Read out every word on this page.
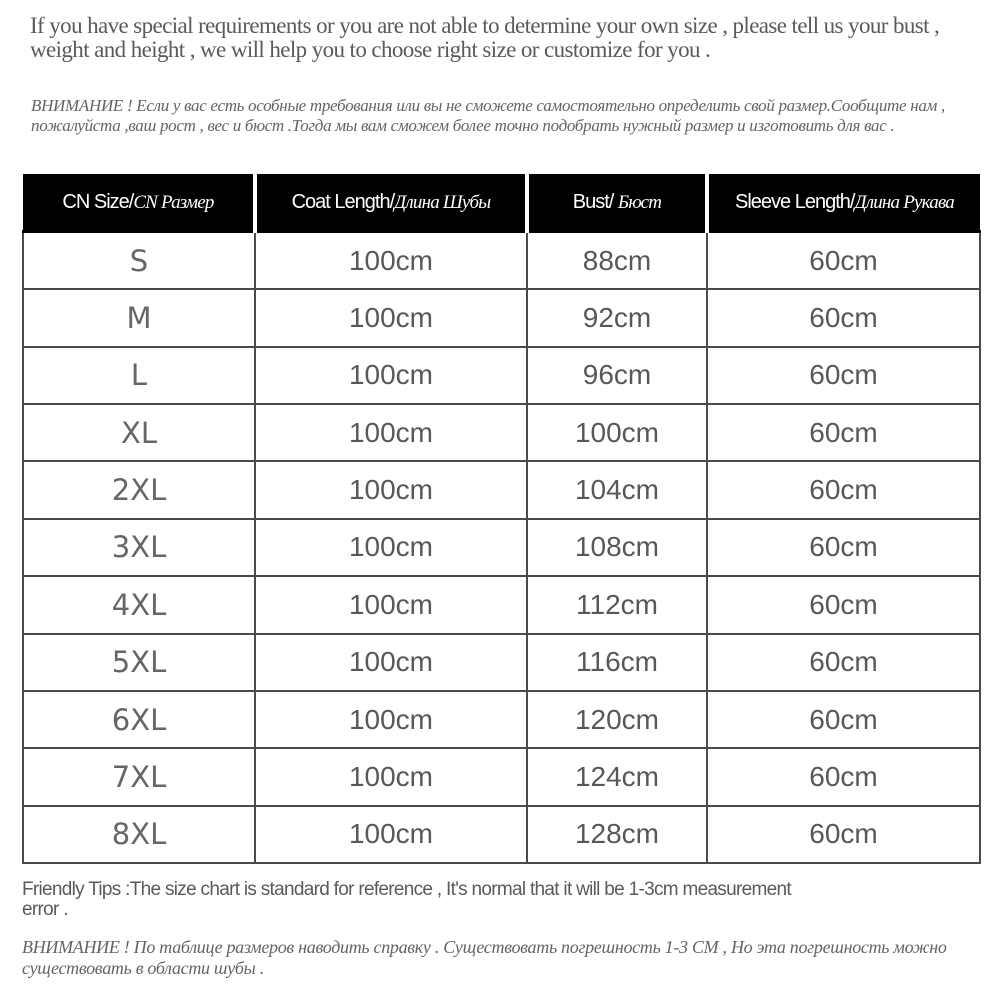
If you have special requirements or you are not able to determine your own size , please tell us your bust , weight and height , we will help you to choose right size or customize for you .
ВНИМАНИЕ ! Если у вас есть особные требования или вы не сможете самостоятельно определить свой размер.Сообщите нам , пожалуйста ,ваш рост , вес и бюст .Тогда мы вам сможем более точно подобрать нужный размер и изготовить для вас .
CN Size/CN Размер	Coat Length/Длина Шубы	Bust/ Бюст	Sleeve Length/Длина Рукава
S	100cm	88cm	60cm
M	100cm	92cm	60cm
L	100cm	96cm	60cm
XL	100cm	100cm	60cm
2XL	100cm	104cm	60cm
3XL	100cm	108cm	60cm
4XL	100cm	112cm	60cm
5XL	100cm	116cm	60cm
6XL	100cm	120cm	60cm
7XL	100cm	124cm	60cm
8XL	100cm	128cm	60cm
Friendly Tips :The size chart is standard for reference , It's normal that it will be 1-3cm measurement error .
ВНИМАНИЕ ! По таблице размеров наводить справку . Существовать погрешность 1-3 CM , Но эта погрешность можно существовать в области шубы .
